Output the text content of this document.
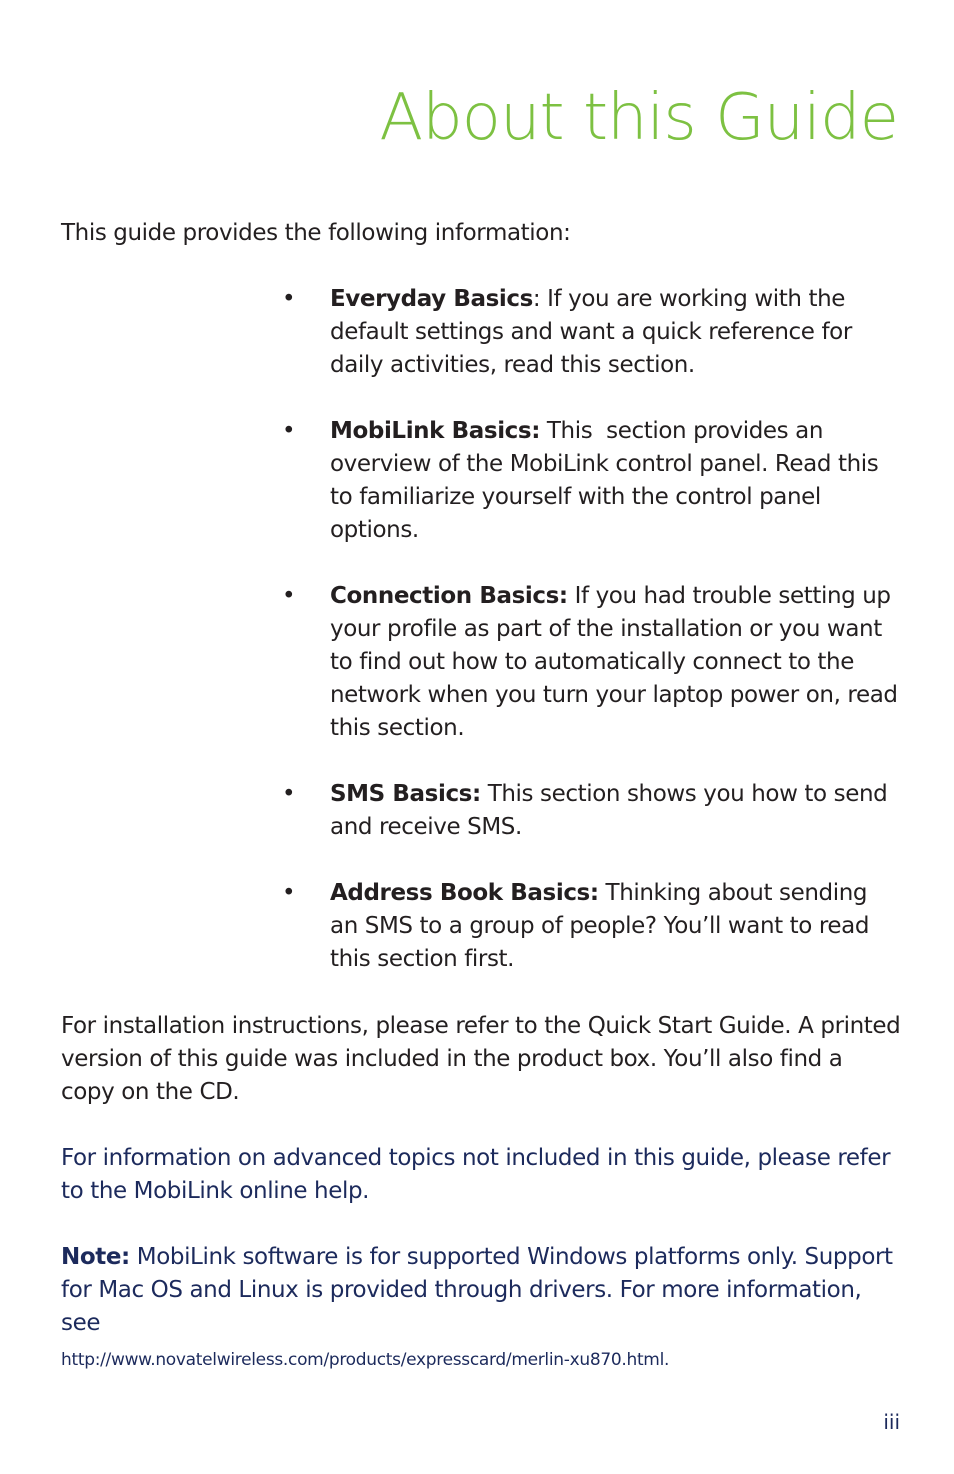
About this Guide

This guide provides the following information:

• Everyday Basics: If you are working with the default settings and want a quick reference for daily activities, read this section.
• MobiLink Basics: This  section provides an overview of the MobiLink control panel. Read this to familiarize yourself with the control panel options.
• Connection Basics: If you had trouble setting up your profile as part of the installation or you want to find out how to automatically connect to the network when you turn your laptop power on, read this section.
• SMS Basics: This section shows you how to send and receive SMS.
• Address Book Basics: Thinking about sending an SMS to a group of people? You’ll want to read this section first.

For installation instructions, please refer to the Quick Start Guide. A printed version of this guide was included in the product box. You’ll also find a copy on the CD.

For information on advanced topics not included in this guide, please refer to the MobiLink online help.

Note: MobiLink software is for supported Windows platforms only. Support for Mac OS and Linux is provided through drivers. For more information, see

http://www.novatelwireless.com/products/expresscard/merlin-xu870.html.

iii
